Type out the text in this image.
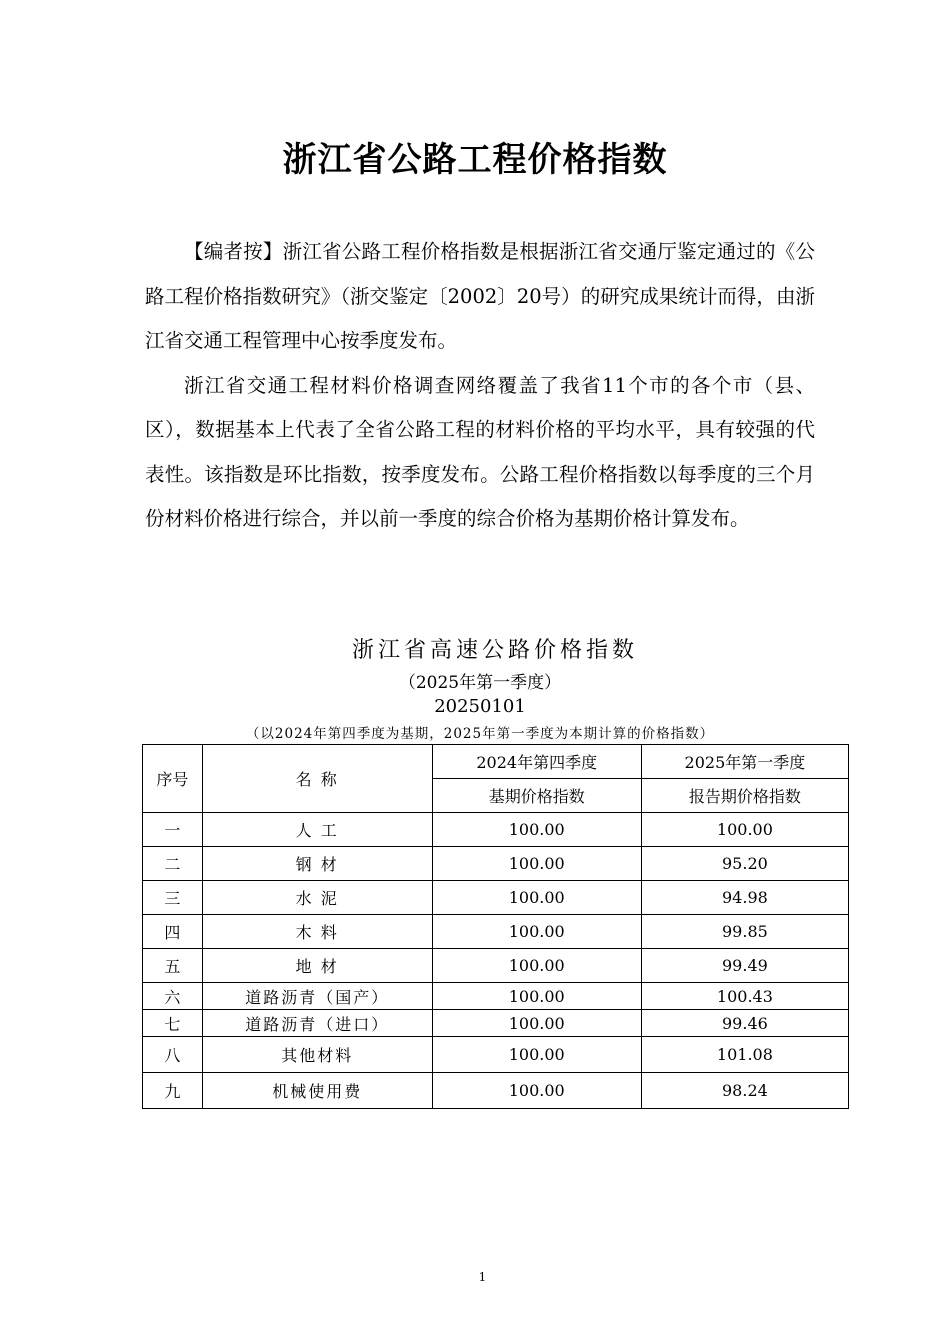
浙江省公路工程价格指数

【编者按】浙江省公路工程价格指数是根据浙江省交通厅鉴定通过的《公路工程价格指数研究》（浙交鉴定〔2002〕20号）的研究成果统计而得，由浙江省交通工程管理中心按季度发布。

浙江省交通工程材料价格调查网络覆盖了我省11个市的各个市（县、区），数据基本上代表了全省公路工程的材料价格的平均水平，具有较强的代表性。该指数是环比指数，按季度发布。公路工程价格指数以每季度的三个月份材料价格进行综合，并以前一季度的综合价格为基期价格计算发布。

浙江省高速公路价格指数
（2025年第一季度）
20250101
（以2024年第四季度为基期，2025年第一季度为本期计算的价格指数）
序号	名 称	2024年第四季度	2025年第一季度
		基期价格指数	报告期价格指数
一	人 工	100.00	100.00
二	钢 材	100.00	95.20
三	水 泥	100.00	94.98
四	木 料	100.00	99.85
五	地 材	100.00	99.49
六	道路沥青（国产）	100.00	100.43
七	道路沥青（进口）	100.00	99.46
八	其他材料	100.00	101.08
九	机械使用费	100.00	98.24
1
